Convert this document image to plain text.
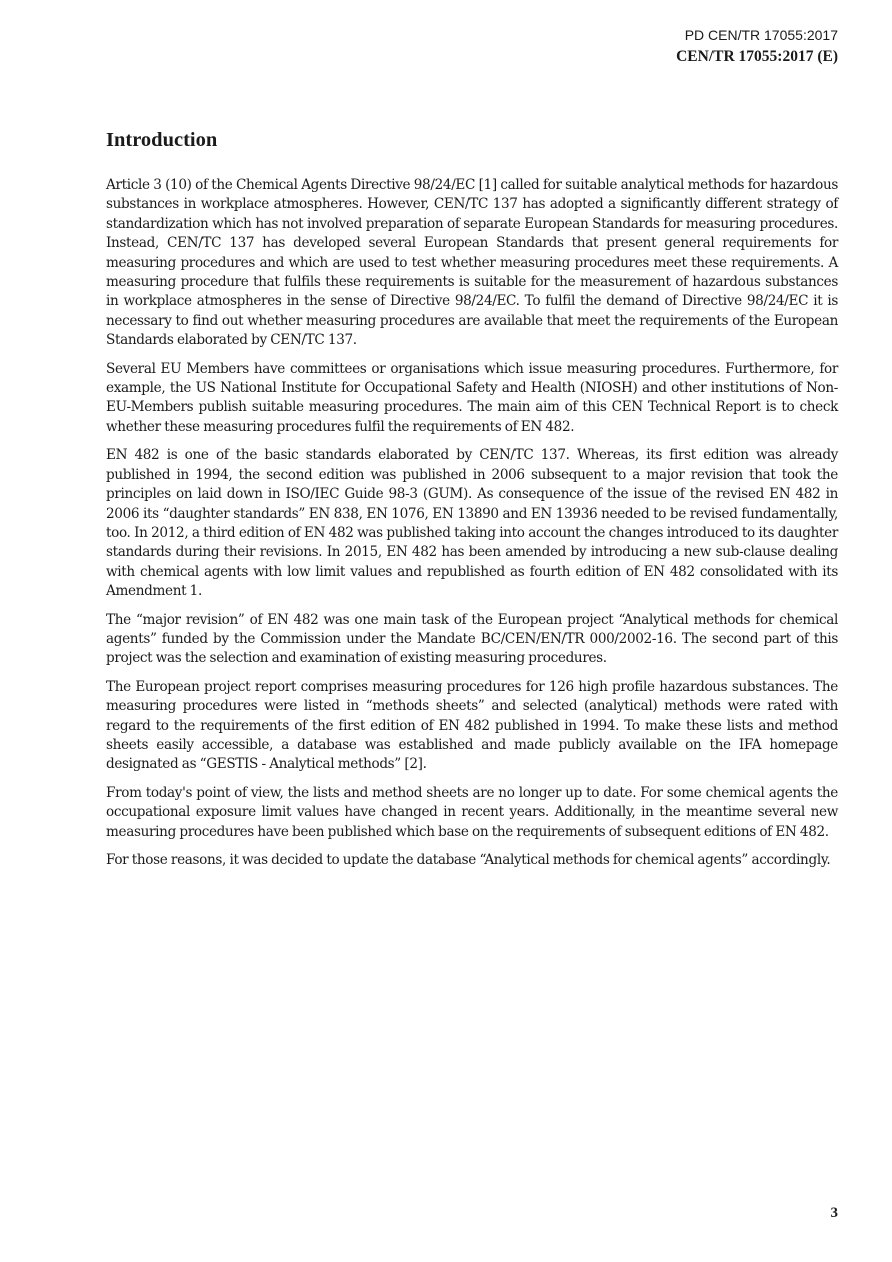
PD CEN/TR 17055:2017

CEN/TR 17055:2017 (E)

Introduction

Article 3 (10) of the Chemical Agents Directive 98/24/EC [1] called for suitable analytical methods for hazardous substances in workplace atmospheres. However, CEN/TC 137 has adopted a significantly different strategy of standardization which has not involved preparation of separate European Standards for measuring procedures. Instead, CEN/TC 137 has developed several European Standards that present general requirements for measuring procedures and which are used to test whether measuring procedures meet these requirements. A measuring procedure that fulfils these requirements is suitable for the measurement of hazardous substances in workplace atmospheres in the sense of Directive 98/24/EC. To fulfil the demand of Directive 98/24/EC it is necessary to find out whether measuring procedures are available that meet the requirements of the European Standards elaborated by CEN/TC 137.

Several EU Members have committees or organisations which issue measuring procedures. Furthermore, for example, the US National Institute for Occupational Safety and Health (NIOSH) and other institutions of Non-EU-Members publish suitable measuring procedures. The main aim of this CEN Technical Report is to check whether these measuring procedures fulfil the requirements of EN 482.

EN 482 is one of the basic standards elaborated by CEN/TC 137. Whereas, its first edition was already published in 1994, the second edition was published in 2006 subsequent to a major revision that took the principles on laid down in ISO/IEC Guide 98-3 (GUM). As consequence of the issue of the revised EN 482 in 2006 its “daughter standards” EN 838, EN 1076, EN 13890 and EN 13936 needed to be revised fundamentally, too. In 2012, a third edition of EN 482 was published taking into account the changes introduced to its daughter standards during their revisions. In 2015, EN 482 has been amended by introducing a new sub-clause dealing with chemical agents with low limit values and republished as fourth edition of EN 482 consolidated with its Amendment 1.

The “major revision” of EN 482 was one main task of the European project “Analytical methods for chemical agents” funded by the Commission under the Mandate BC/CEN/EN/TR 000/2002-16. The second part of this project was the selection and examination of existing measuring procedures.

The European project report comprises measuring procedures for 126 high profile hazardous substances. The measuring procedures were listed in “methods sheets” and selected (analytical) methods were rated with regard to the requirements of the first edition of EN 482 published in 1994. To make these lists and method sheets easily accessible, a database was established and made publicly available on the IFA homepage designated as “GESTIS - Analytical methods” [2].

From today's point of view, the lists and method sheets are no longer up to date. For some chemical agents the occupational exposure limit values have changed in recent years. Additionally, in the meantime several new measuring procedures have been published which base on the requirements of subsequent editions of EN 482.

For those reasons, it was decided to update the database “Analytical methods for chemical agents” accordingly.

3
